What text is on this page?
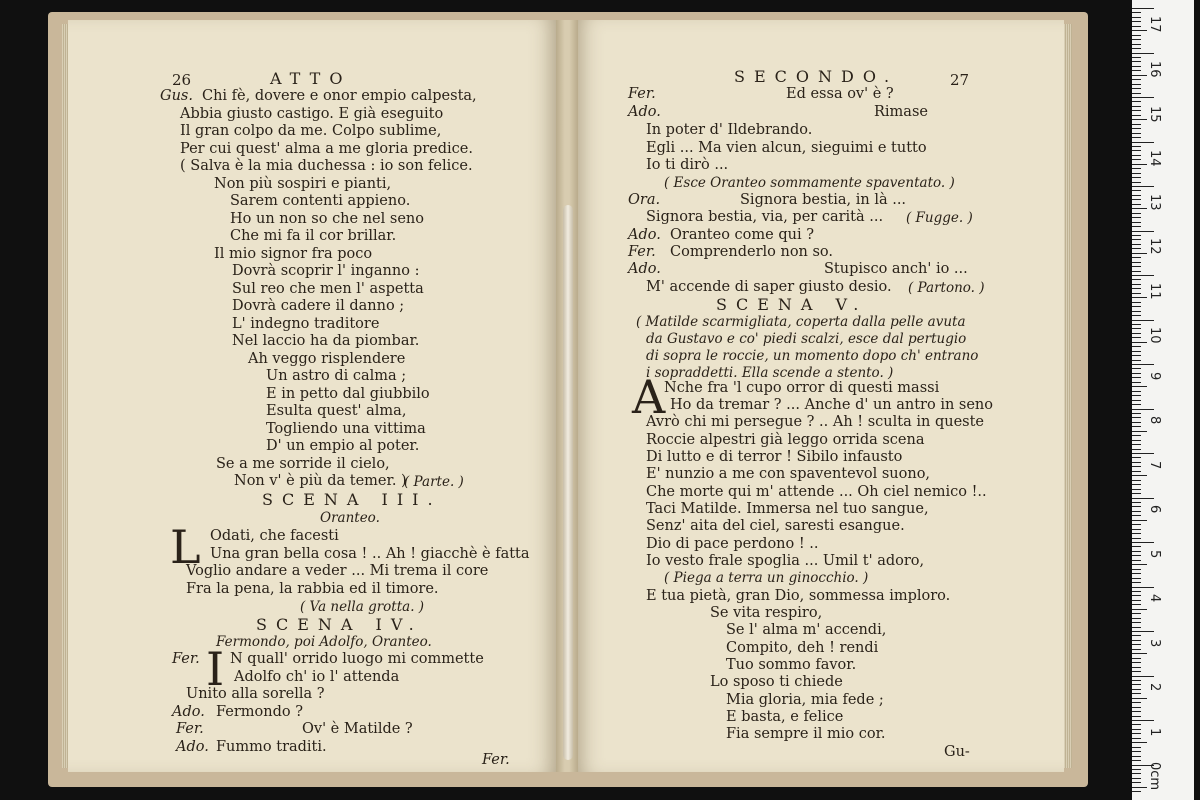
17
16
15
14
13
12
11
10
9
8
7
6
5
4
3
2
1
0cm
26	ATTO
Gus. Chi fè, dovere e onor empio calpesta,
Abbia giusto castigo. E già eseguito
Il gran colpo da me. Colpo sublime,
Per cui quest' alma a me gloria predice.
( Salva è la mia duchessa : io son felice.
Non più sospiri e pianti,
Sarem contenti appieno.
Ho un non so che nel seno
Che mi fa il cor brillar.
Il mio signor fra poco
Dovrà scoprir l' inganno :
Sul reo che men l' aspetta
Dovrà cadere il danno ;
L' indegno traditore
Nel laccio ha da piombar.
Ah veggo risplendere
Un astro di calma ;
E in petto dal giubbilo
Esulta quest' alma,
Togliendo una vittima
D' un empio al poter.
Se a me sorride il cielo,
Non v' è più da temer. )
( Parte. )
SCENA III.
Oranteo.
L Odati, che facesti
Una gran bella cosa ! .. Ah ! giacchè è fatta
Voglio andare a veder ... Mi trema il core
Fra la pena, la rabbia ed il timore.
( Va nella grotta. )
SCENA IV.
Fermondo, poi Adolfo, Oranteo.
Fer. I N quall' orrido luogo mi commette
Adolfo ch' io l' attenda
Unito alla sorella ?
Ado. Fermondo ?
Fer.	Ov' è Matilde ?
Ado. Fummo traditi.
Fer.
SECONDO.	27
Fer.	Ed essa ov' è ?
Ado.	Rimase
In poter d' Ildebrando.
Egli ... Ma vien alcun, sieguimi e tutto
Io ti dirò ...
( Esce Oranteo sommamente spaventato. )
Ora.	Signora bestia, in là ...
Signora bestia, via, per carità ... ( Fugge. )
Ado. Oranteo come qui ?
Fer. Comprenderlo non so.
Ado.	Stupisco anch' io ...
M' accende di saper giusto desio. ( Partono. )
SCENA V.
( Matilde scarmigliata, coperta dalla pelle avuta
da Gustavo e co' piedi scalzi, esce dal pertugio
di sopra le roccie, un momento dopo ch' entrano
i sopraddetti. Ella scende a stento. )
A
Nche fra 'l cupo orror di questi massi
Ho da tremar ? ... Anche d' un antro in seno
Avrò chi mi persegue ? .. Ah ! sculta in queste
Roccie alpestri già leggo orrida scena
Di lutto e di terror ! Sibilo infausto
E' nunzio a me con spaventevol suono,
Che morte qui m' attende ... Oh ciel nemico !..
Taci Matilde. Immersa nel tuo sangue,
Senz' aita del ciel, saresti esangue.
Dio di pace perdono ! ..
Io vesto frale spoglia ... Umil t' adoro,
( Piega a terra un ginocchio. )
E tua pietà, gran Dio, sommessa imploro.
Se vita respiro,
Se l' alma m' accendi,
Compito, deh ! rendi
Tuo sommo favor.
Lo sposo ti chiede
Mia gloria, mia fede ;
E basta, e felice
Fia sempre il mio cor.
Gu-
